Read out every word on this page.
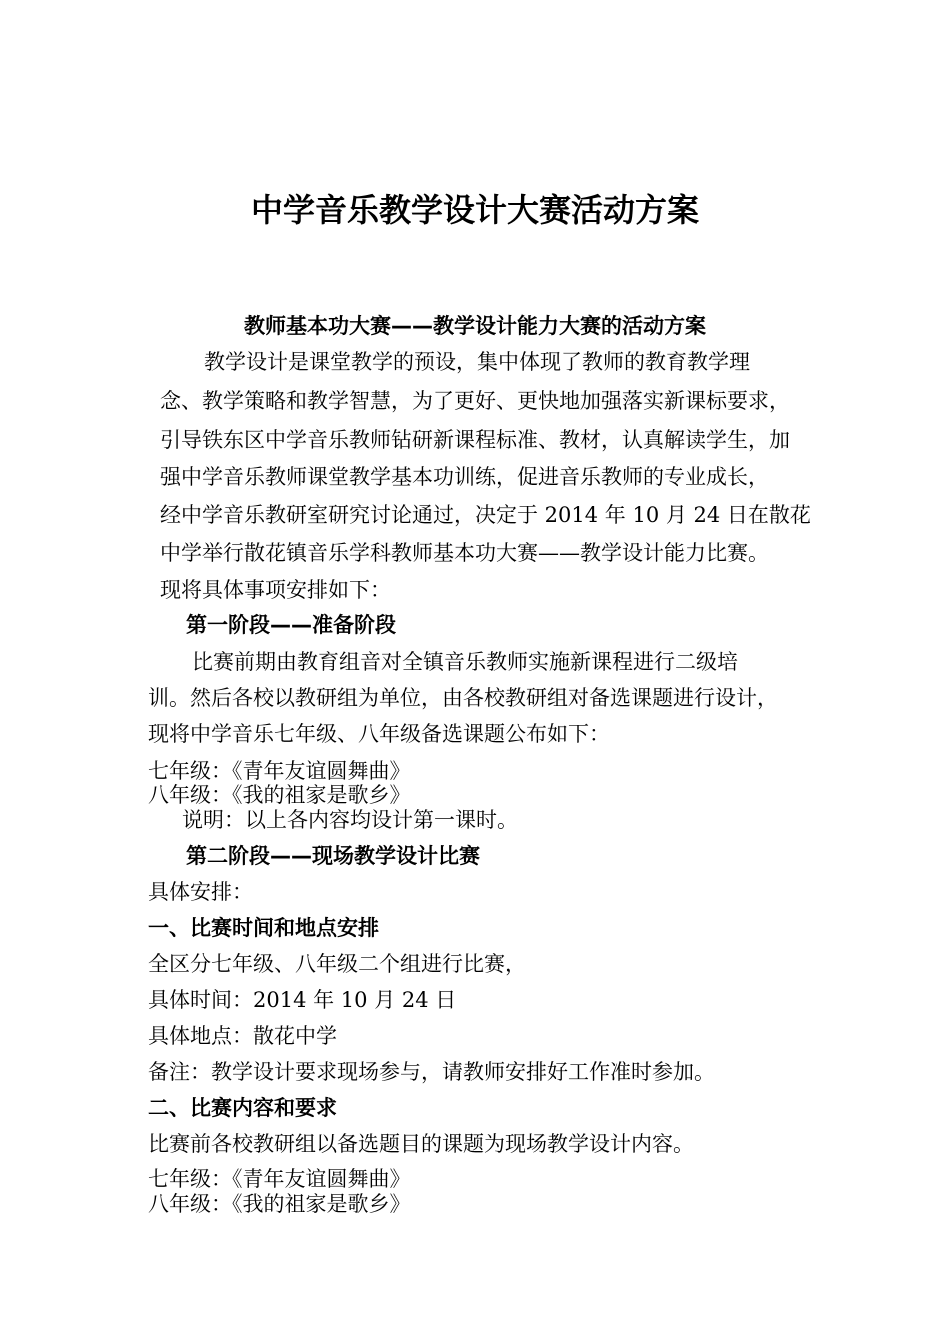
中学音乐教学设计大赛活动方案
教师基本功大赛——教学设计能力大赛的活动方案
教学设计是课堂教学的预设，集中体现了教师的教育教学理
念、教学策略和教学智慧，为了更好、更快地加强落实新课标要求，
引导铁东区中学音乐教师钻研新课程标准、教材，认真解读学生，加
强中学音乐教师课堂教学基本功训练，促进音乐教师的专业成长，
经中学音乐教研室研究讨论通过，决定于 2014 年 10 月 24 日在散花
中学举行散花镇音乐学科教师基本功大赛——教学设计能力比赛。
现将具体事项安排如下：
第一阶段——准备阶段
比赛前期由教育组音对全镇音乐教师实施新课程进行二级培
训。然后各校以教研组为单位，由各校教研组对备选课题进行设计，
现将中学音乐七年级、八年级备选课题公布如下：
七年级：《青年友谊圆舞曲》
八年级：《我的祖家是歌乡》
说明：以上各内容均设计第一课时。
第二阶段——现场教学设计比赛
具体安排：
一、比赛时间和地点安排
全区分七年级、八年级二个组进行比赛，
具体时间：2014 年 10 月 24 日
具体地点：散花中学
备注：教学设计要求现场参与，请教师安排好工作准时参加。
二、比赛内容和要求
比赛前各校教研组以备选题目的课题为现场教学设计内容。
七年级：《青年友谊圆舞曲》
八年级：《我的祖家是歌乡》
